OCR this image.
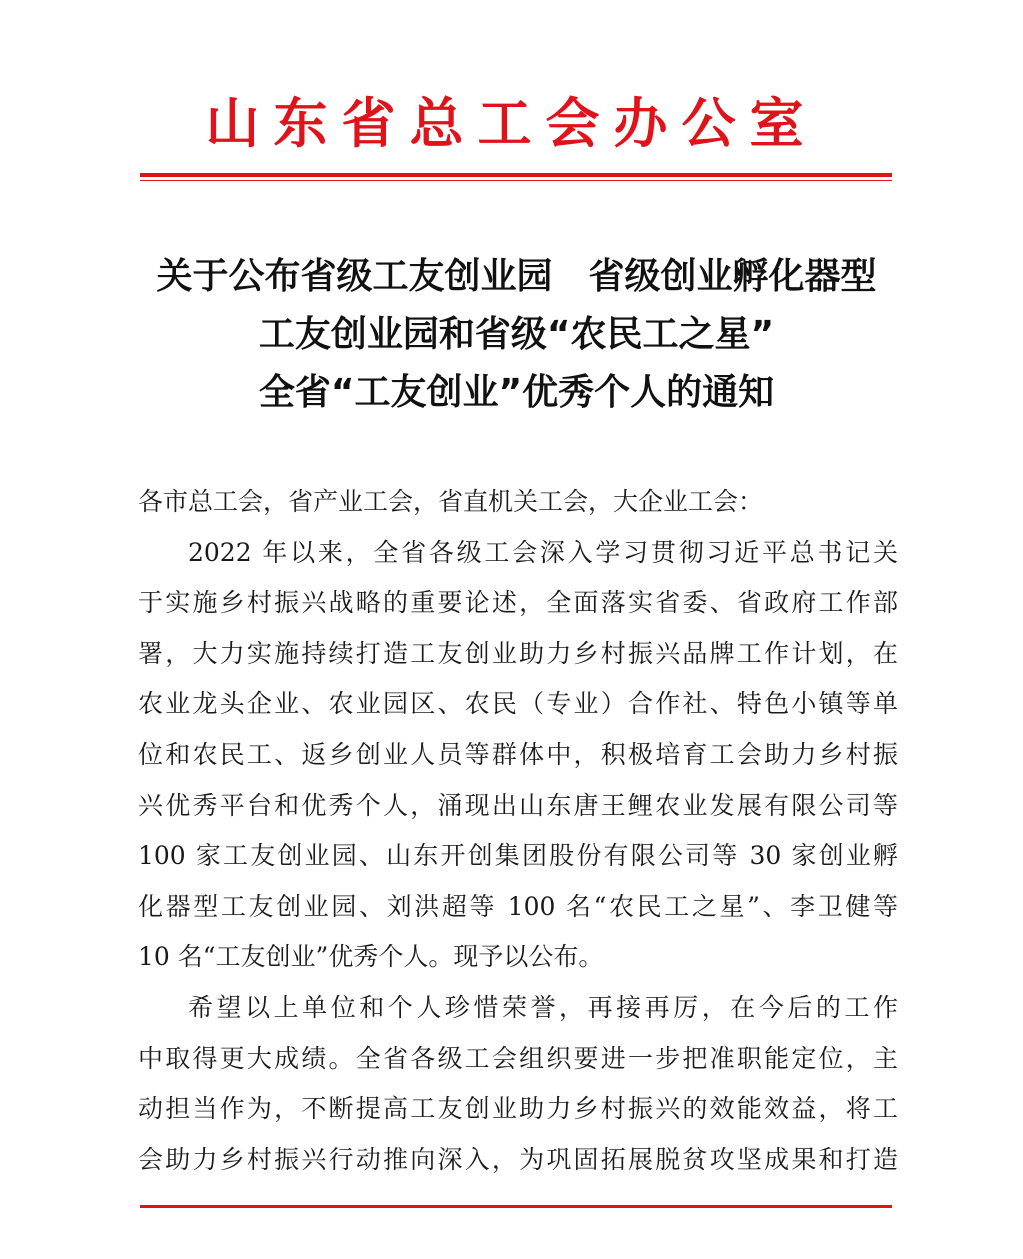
山东省总工会办公室
关于公布省级工友创业园　省级创业孵化器型
工友创业园和省级“农民工之星”
全省“工友创业”优秀个人的通知
各市总工会，省产业工会，省直机关工会，大企业工会：
2022 年以来，全省各级工会深入学习贯彻习近平总书记关
于实施乡村振兴战略的重要论述，全面落实省委、省政府工作部
署，大力实施持续打造工友创业助力乡村振兴品牌工作计划，在
农业龙头企业、农业园区、农民（专业）合作社、特色小镇等单
位和农民工、返乡创业人员等群体中，积极培育工会助力乡村振
兴优秀平台和优秀个人，涌现出山东唐王鲤农业发展有限公司等
100 家工友创业园、山东开创集团股份有限公司等 30 家创业孵
化器型工友创业园、刘洪超等 100 名“农民工之星”、李卫健等
10 名“工友创业”优秀个人。现予以公布。
希望以上单位和个人珍惜荣誉，再接再厉，在今后的工作
中取得更大成绩。全省各级工会组织要进一步把准职能定位，主
动担当作为，不断提高工友创业助力乡村振兴的效能效益，将工
会助力乡村振兴行动推向深入，为巩固拓展脱贫攻坚成果和打造
